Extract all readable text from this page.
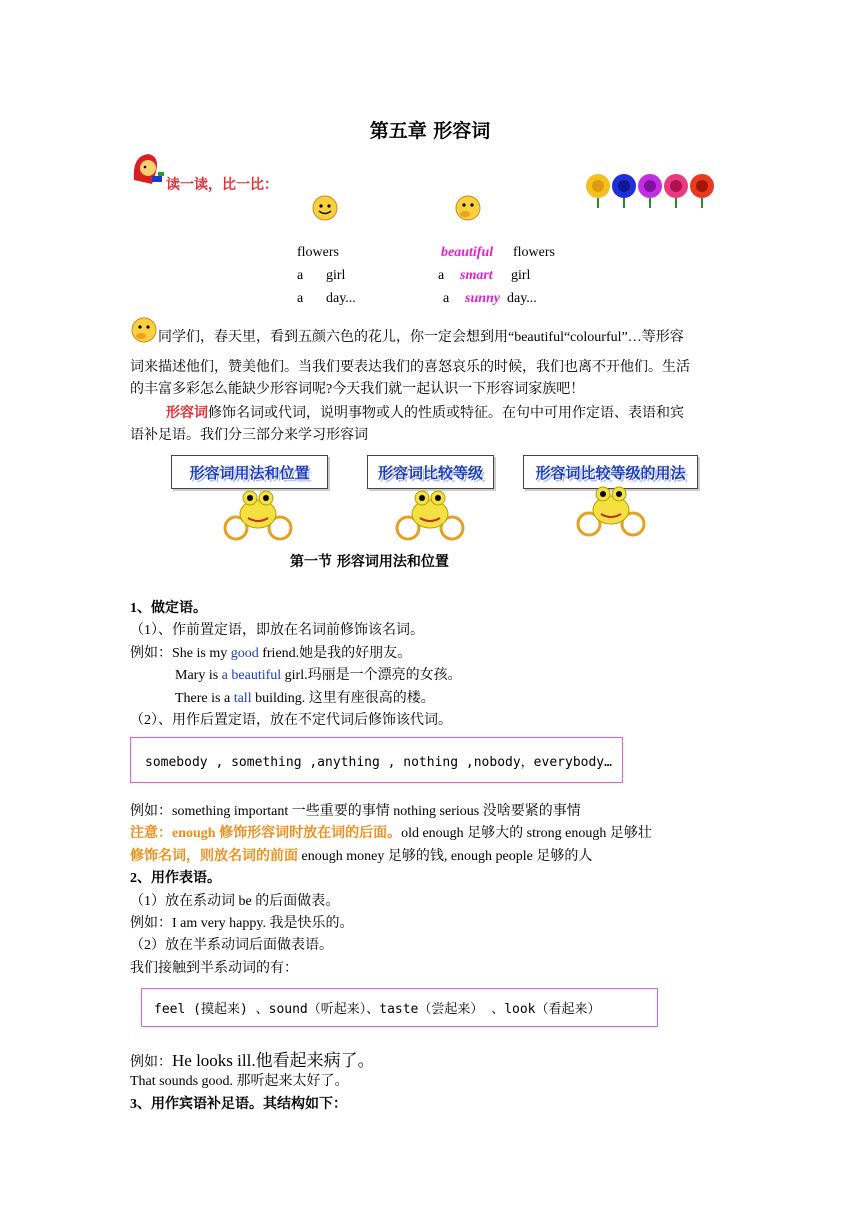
第五章 形容词
读一读，比一比：
flowers	beautiful flowers
a girl	a smart girl
a day...	a sunny day...
同学们，春天里，看到五颜六色的花儿，你一定会想到用“beautiful“colourful”…等形容
词来描述他们，赞美他们。当我们要表达我们的喜怒哀乐的时候，我们也离不开他们。生活
的丰富多彩怎么能缺少形容词呢?今天我们就一起认识一下形容词家族吧！
形容词修饰名词或代词，说明事物或人的性质或特征。在句中可用作定语、表语和宾
语补足语。我们分三部分来学习形容词
形容词用法和位置	形容词比较等级	形容词比较等级的用法
第一节 形容词用法和位置
1、做定语。
（1）、作前置定语，即放在名词前修饰该名词。
例如：She is my good friend.她是我的好朋友。
Mary is a beautiful girl.玛丽是一个漂亮的女孩。
There is a tall building. 这里有座很高的楼。
（2）、用作后置定语，放在不定代词后修饰该代词。
somebody , something ,anything , nothing ,nobody，everybody…
例如：something important 一些重要的事情 nothing serious 没啥要紧的事情
注意：enough 修饰形容词时放在词的后面。old enough 足够大的 strong enough 足够壮
修饰名词，则放名词的前面 enough money 足够的钱, enough people 足够的人
2、用作表语。
（1）放在系动词 be 的后面做表。
例如：I am very happy. 我是快乐的。
（2）放在半系动词后面做表语。
我们接触到半系动词的有：
feel (摸起来) 、sound（听起来）、taste（尝起来） 、look（看起来）
例如：He looks ill.他看起来病了。
That sounds good. 那听起来太好了。
3、用作宾语补足语。其结构如下：
